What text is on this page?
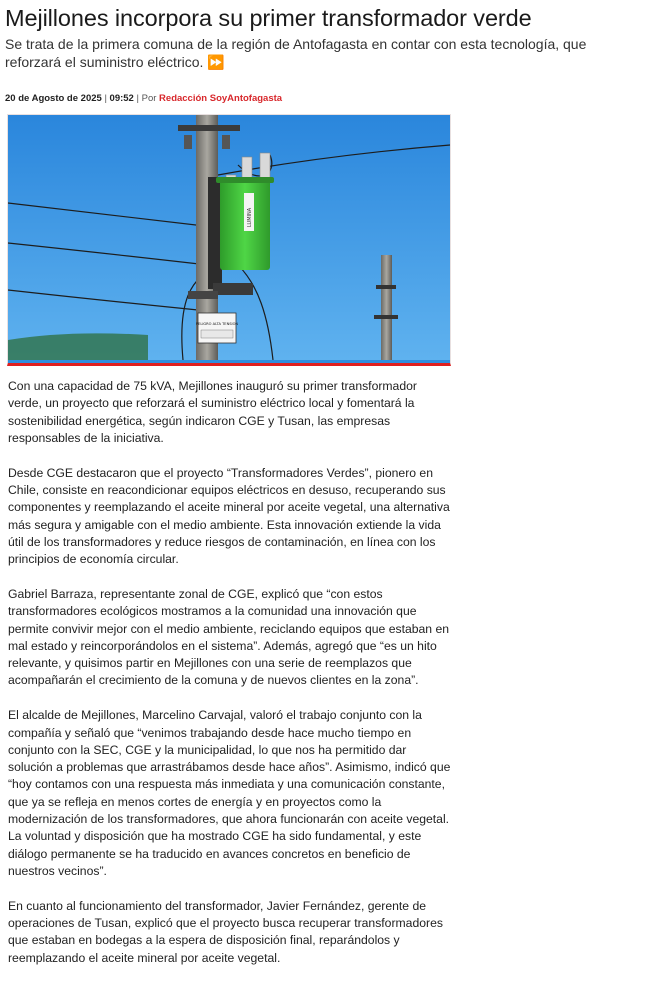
Mejillones incorpora su primer transformador verde

Se trata de la primera comuna de la región de Antofagasta en contar con esta tecnología, que reforzará el suministro eléctrico. ⏩

20 de Agosto de 2025 | 09:52 | Por Redacción SoyAntofagasta

LUMINA
PELIGRO ALTA TENSION

Con una capacidad de 75 kVA, Mejillones inauguró su primer transformador verde, un proyecto que reforzará el suministro eléctrico local y fomentará la sostenibilidad energética, según indicaron CGE y Tusan, las empresas responsables de la iniciativa.

Desde CGE destacaron que el proyecto “Transformadores Verdes”, pionero en Chile, consiste en reacondicionar equipos eléctricos en desuso, recuperando sus componentes y reemplazando el aceite mineral por aceite vegetal, una alternativa más segura y amigable con el medio ambiente. Esta innovación extiende la vida útil de los transformadores y reduce riesgos de contaminación, en línea con los principios de economía circular.

Gabriel Barraza, representante zonal de CGE, explicó que “con estos transformadores ecológicos mostramos a la comunidad una innovación que permite convivir mejor con el medio ambiente, reciclando equipos que estaban en mal estado y reincorporándolos en el sistema”. Además, agregó que “es un hito relevante, y quisimos partir en Mejillones con una serie de reemplazos que acompañarán el crecimiento de la comuna y de nuevos clientes en la zona”.

El alcalde de Mejillones, Marcelino Carvajal, valoró el trabajo conjunto con la compañía y señaló que “venimos trabajando desde hace mucho tiempo en conjunto con la SEC, CGE y la municipalidad, lo que nos ha permitido dar solución a problemas que arrastrábamos desde hace años”. Asimismo, indicó que “hoy contamos con una respuesta más inmediata y una comunicación constante, que ya se refleja en menos cortes de energía y en proyectos como la modernización de los transformadores, que ahora funcionarán con aceite vegetal. La voluntad y disposición que ha mostrado CGE ha sido fundamental, y este diálogo permanente se ha traducido en avances concretos en beneficio de nuestros vecinos”.

En cuanto al funcionamiento del transformador, Javier Fernández, gerente de operaciones de Tusan, explicó que el proyecto busca recuperar transformadores que estaban en bodegas a la espera de disposición final, reparándolos y reemplazando el aceite mineral por aceite vegetal.
